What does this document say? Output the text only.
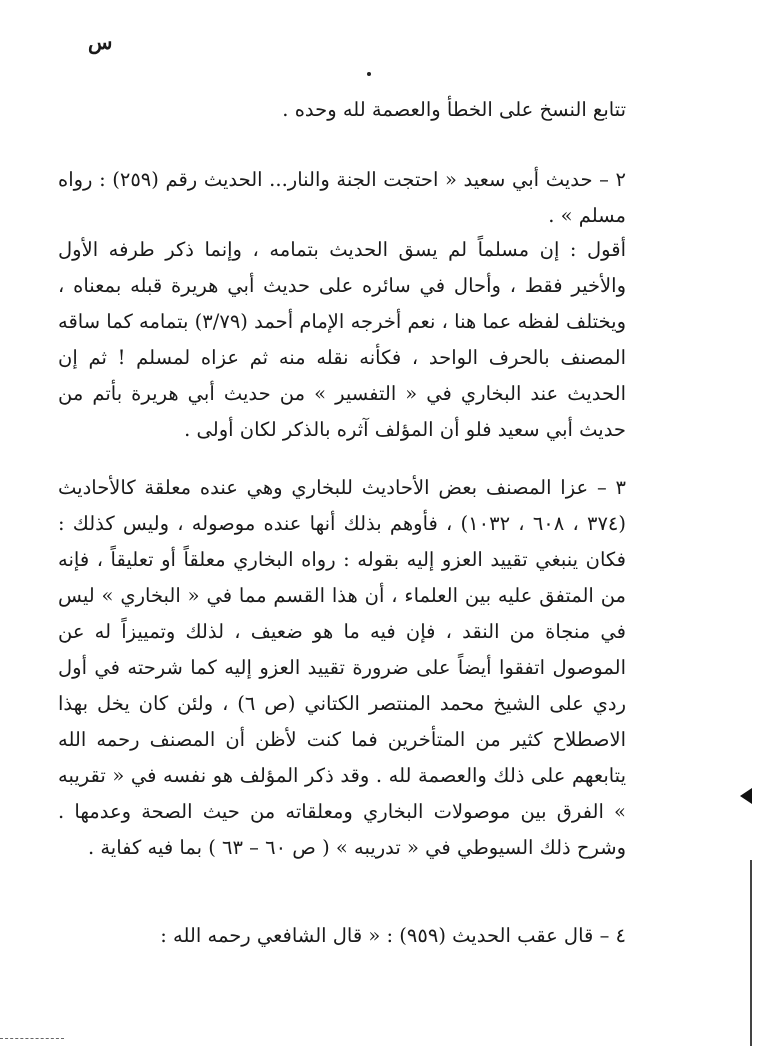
س

تتابع النسخ على الخطأ والعصمة لله وحده .

٢ – حديث أبي سعيد « احتجت الجنة والنار... الحديث رقم (٢٥٩) : رواه مسلم » .

أقول : إن مسلماً لم يسق الحديث بتمامه ، وإنما ذكر طرفه الأول والأخير فقط ، وأحال في سائره على حديث أبي هريرة قبله بمعناه ، ويختلف لفظه عما هنا ، نعم أخرجه الإمام أحمد (٣/٧٩) بتمامه كما ساقه المصنف بالحرف الواحد ، فكأنه نقله منه ثم عزاه لمسلم ! ثم إن الحديث عند البخاري في « التفسير » من حديث أبي هريرة بأتم من حديث أبي سعيد فلو أن المؤلف آثره بالذكر لكان أولى .

٣ – عزا المصنف بعض الأحاديث للبخاري وهي عنده معلقة كالأحاديث (٣٧٤ ، ٦٠٨ ، ١٠٣٢) ، فأوهم بذلك أنها عنده موصوله ، وليس كذلك : فكان ينبغي تقييد العزو إليه بقوله : رواه البخاري معلقاً أو تعليقاً ، فإنه من المتفق عليه بين العلماء ، أن هذا القسم مما في « البخاري » ليس في منجاة من النقد ، فإن فيه ما هو ضعيف ، لذلك وتمييزاً له عن الموصول اتفقوا أيضاً على ضرورة تقييد العزو إليه كما شرحته في أول ردي على الشيخ محمد المنتصر الكتاني (ص ٦) ، ولئن كان يخل بهذا الاصطلاح كثير من المتأخرين فما كنت لأظن أن المصنف رحمه الله يتابعهم على ذلك والعصمة لله . وقد ذكر المؤلف هو نفسه في « تقريبه » الفرق بين موصولات البخاري ومعلقاته من حيث الصحة وعدمها . وشرح ذلك السيوطي في « تدريبه » ( ص ٦٠ – ٦٣ ) بما فيه كفاية .

٤ – قال عقب الحديث (٩٥٩) : « قال الشافعي رحمه الله :
